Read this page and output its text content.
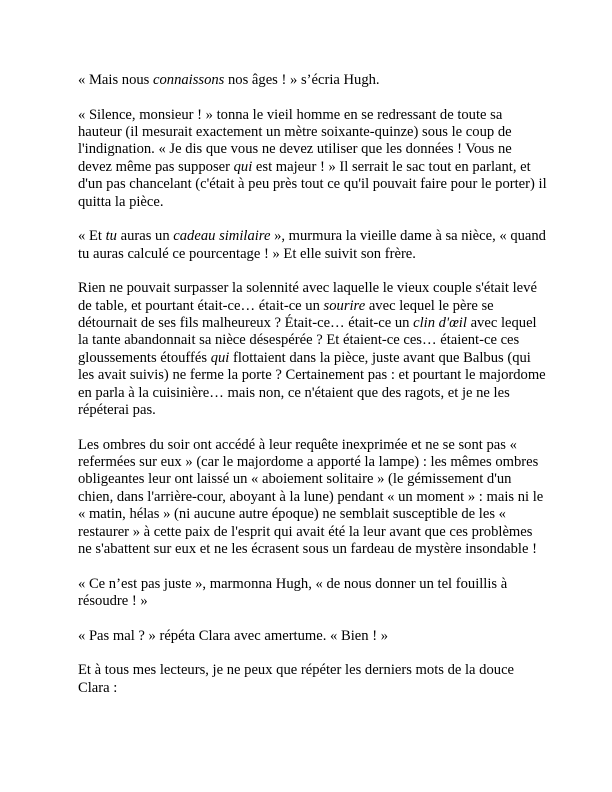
« Mais nous connaissons nos âges ! » s’écria Hugh.

« Silence, monsieur ! » tonna le vieil homme en se redressant de toute sa hauteur (il mesurait exactement un mètre soixante-quinze) sous le coup de l'indignation. « Je dis que vous ne devez utiliser que les données ! Vous ne devez même pas supposer qui est majeur ! » Il serrait le sac tout en parlant, et d'un pas chancelant (c'était à peu près tout ce qu'il pouvait faire pour le porter) il quitta la pièce.

« Et tu auras un cadeau similaire », murmura la vieille dame à sa nièce, « quand tu auras calculé ce pourcentage ! » Et elle suivit son frère.

Rien ne pouvait surpasser la solennité avec laquelle le vieux couple s'était levé de table, et pourtant était-ce… était-ce un sourire avec lequel le père se détournait de ses fils malheureux ? Était-ce… était-ce un clin d'œil avec lequel la tante abandonnait sa nièce désespérée ? Et étaient-ce ces… étaient-ce ces gloussements étouffés qui flottaient dans la pièce, juste avant que Balbus (qui les avait suivis) ne ferme la porte ? Certainement pas : et pourtant le majordome en parla à la cuisinière… mais non, ce n'étaient que des ragots, et je ne les répéterai pas.

Les ombres du soir ont accédé à leur requête inexprimée et ne se sont pas « refermées sur eux » (car le majordome a apporté la lampe) : les mêmes ombres obligeantes leur ont laissé un « aboiement solitaire » (le gémissement d'un chien, dans l'arrière-cour, aboyant à la lune) pendant « un moment » : mais ni le « matin, hélas » (ni aucune autre époque) ne semblait susceptible de les « restaurer » à cette paix de l'esprit qui avait été la leur avant que ces problèmes ne s'abattent sur eux et ne les écrasent sous un fardeau de mystère insondable !

« Ce n’est pas juste », marmonna Hugh, « de nous donner un tel fouillis à résoudre ! »

« Pas mal ? » répéta Clara avec amertume. « Bien ! »

Et à tous mes lecteurs, je ne peux que répéter les derniers mots de la douce Clara :
